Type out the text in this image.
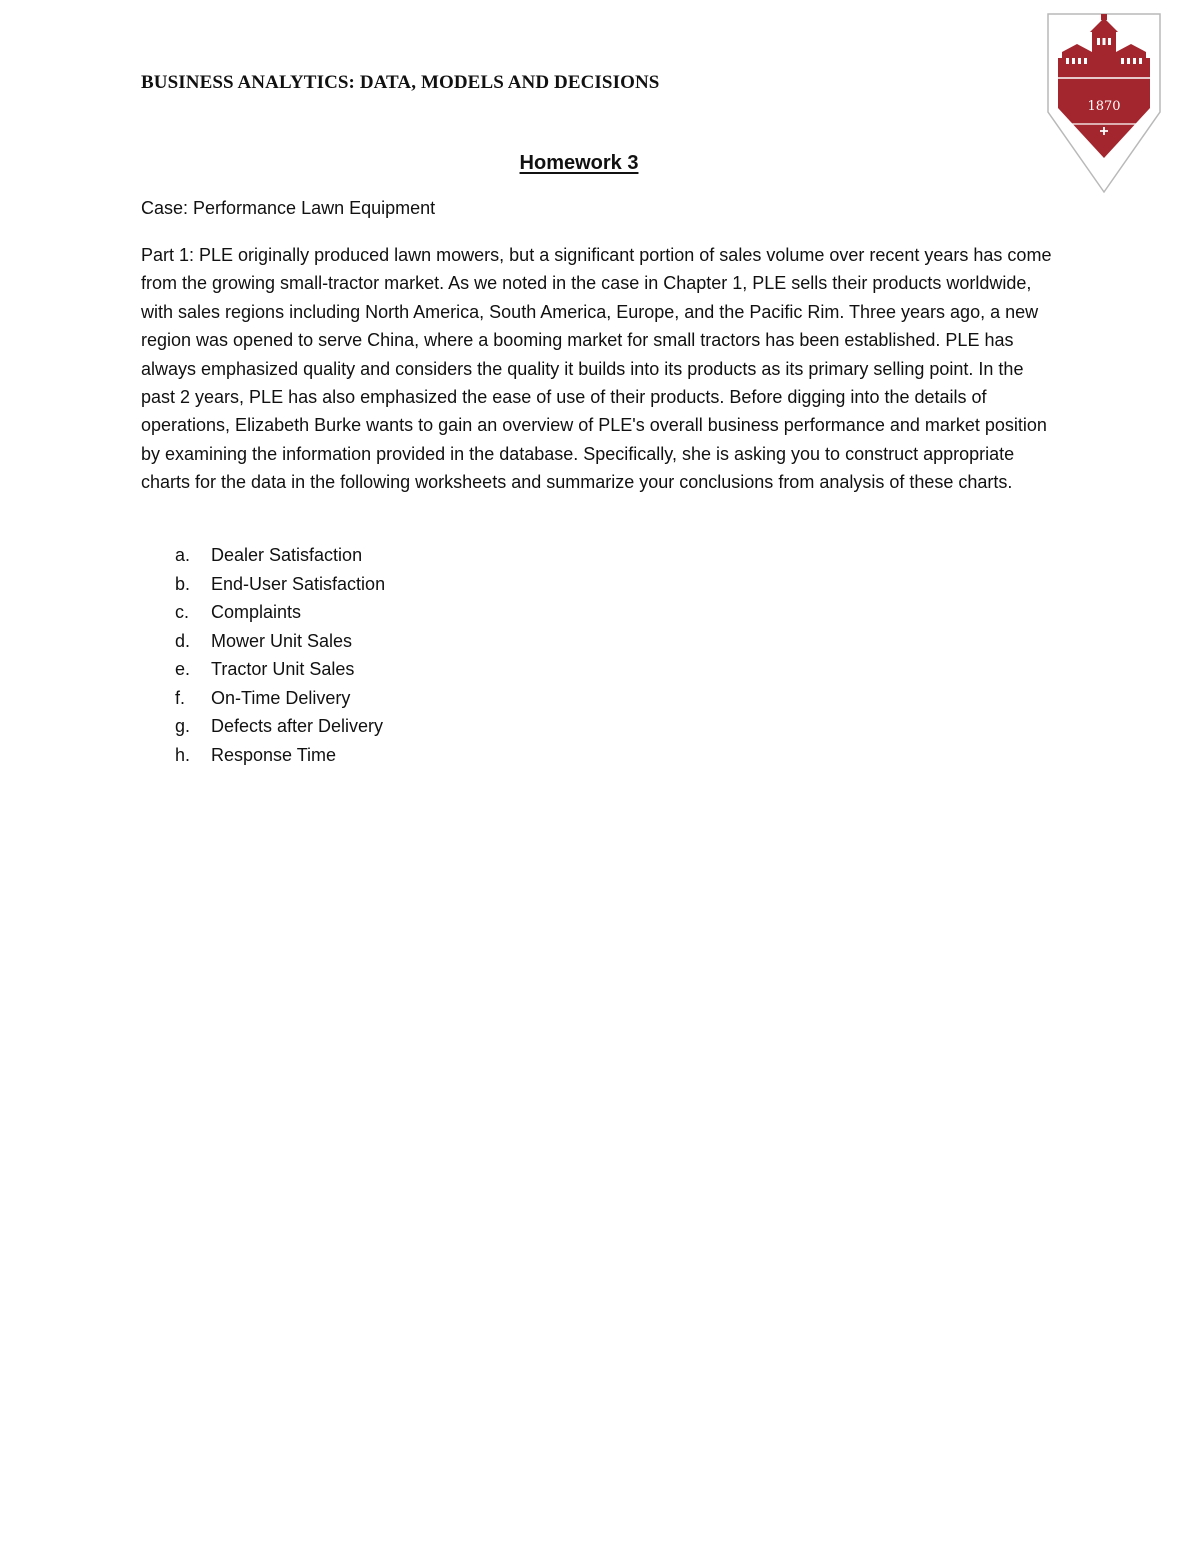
BUSINESS ANALYTICS: DATA, MODELS AND DECISIONS
1870
Homework 3
Case: Performance Lawn Equipment
Part 1: PLE originally produced lawn mowers, but a significant portion of sales volume over recent years has come from the growing small-tractor market. As we noted in the case in Chapter 1, PLE sells their products worldwide, with sales regions including North America, South America, Europe, and the Pacific Rim. Three years ago, a new region was opened to serve China, where a booming market for small tractors has been established. PLE has always emphasized quality and considers the quality it builds into its products as its primary selling point. In the past 2 years, PLE has also emphasized the ease of use of their products. Before digging into the details of operations, Elizabeth Burke wants to gain an overview of PLE's overall business performance and market position by examining the information provided in the database. Specifically, she is asking you to construct appropriate charts for the data in the following worksheets and summarize your conclusions from analysis of these charts.
a.	Dealer Satisfaction
b.	End-User Satisfaction
c.	Complaints
d.	Mower Unit Sales
e.	Tractor Unit Sales
f.	On-Time Delivery
g.	Defects after Delivery
h.	Response Time
